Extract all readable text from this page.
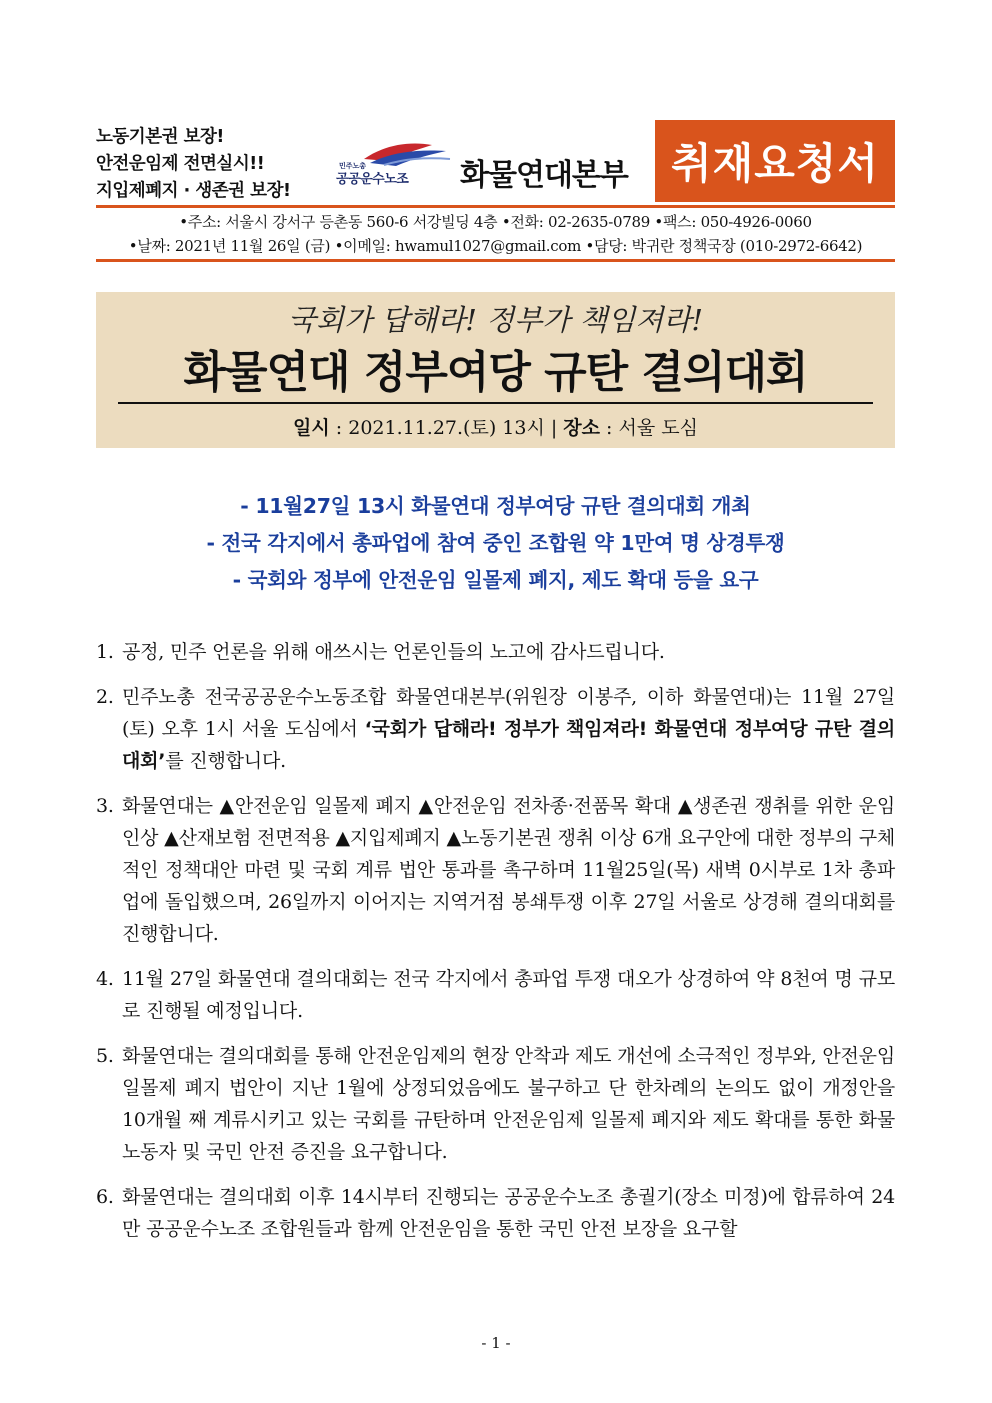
노동기본권 보장!
안전운임제 전면실시!!
지입제폐지 · 생존권 보장!
민주노총
공공운수노조 화물연대본부	취재요청서
•주소: 서울시 강서구 등촌동 560-6 서강빌딩 4층 •전화: 02-2635-0789 •팩스: 050-4926-0060
•날짜: 2021년 11월 26일 (금) •이메일: hwamul1027@gmail.com •담당: 박귀란 정책국장 (010-2972-6642)
국회가 답해라! 정부가 책임져라!
화물연대 정부여당 규탄 결의대회
일시 : 2021.11.27.(토) 13시 | 장소 : 서울 도심
- 11월27일 13시 화물연대 정부여당 규탄 결의대회 개최
- 전국 각지에서 총파업에 참여 중인 조합원 약 1만여 명 상경투쟁
- 국회와 정부에 안전운임 일몰제 폐지, 제도 확대 등을 요구
1. 공정, 민주 언론을 위해 애쓰시는 언론인들의 노고에 감사드립니다.
2. 민주노총 전국공공운수노동조합 화물연대본부(위원장 이봉주, 이하 화물연대)는 11월 27일(토) 오후 1시 서울 도심에서 ‘국회가 답해라! 정부가 책임져라! 화물연대 정부여당 규탄 결의대회’를 진행합니다.
3. 화물연대는 ▲안전운임 일몰제 폐지 ▲안전운임 전차종·전품목 확대 ▲생존권 쟁취를 위한 운임인상 ▲산재보험 전면적용 ▲지입제폐지 ▲노동기본권 쟁취 이상 6개 요구안에 대한 정부의 구체적인 정책대안 마련 및 국회 계류 법안 통과를 촉구하며 11월25일(목) 새벽 0시부로 1차 총파업에 돌입했으며, 26일까지 이어지는 지역거점 봉쇄투쟁 이후 27일 서울로 상경해 결의대회를 진행합니다.
4. 11월 27일 화물연대 결의대회는 전국 각지에서 총파업 투쟁 대오가 상경하여 약 8천여 명 규모로 진행될 예정입니다.
5. 화물연대는 결의대회를 통해 안전운임제의 현장 안착과 제도 개선에 소극적인 정부와, 안전운임 일몰제 폐지 법안이 지난 1월에 상정되었음에도 불구하고 단 한차례의 논의도 없이 개정안을 10개월 째 계류시키고 있는 국회를 규탄하며 안전운임제 일몰제 폐지와 제도 확대를 통한 화물노동자 및 국민 안전 증진을 요구합니다.
6. 화물연대는 결의대회 이후 14시부터 진행되는 공공운수노조 총궐기(장소 미정)에 합류하여 24만 공공운수노조 조합원들과 함께 안전운임을 통한 국민 안전 보장을 요구할
- 1 -
